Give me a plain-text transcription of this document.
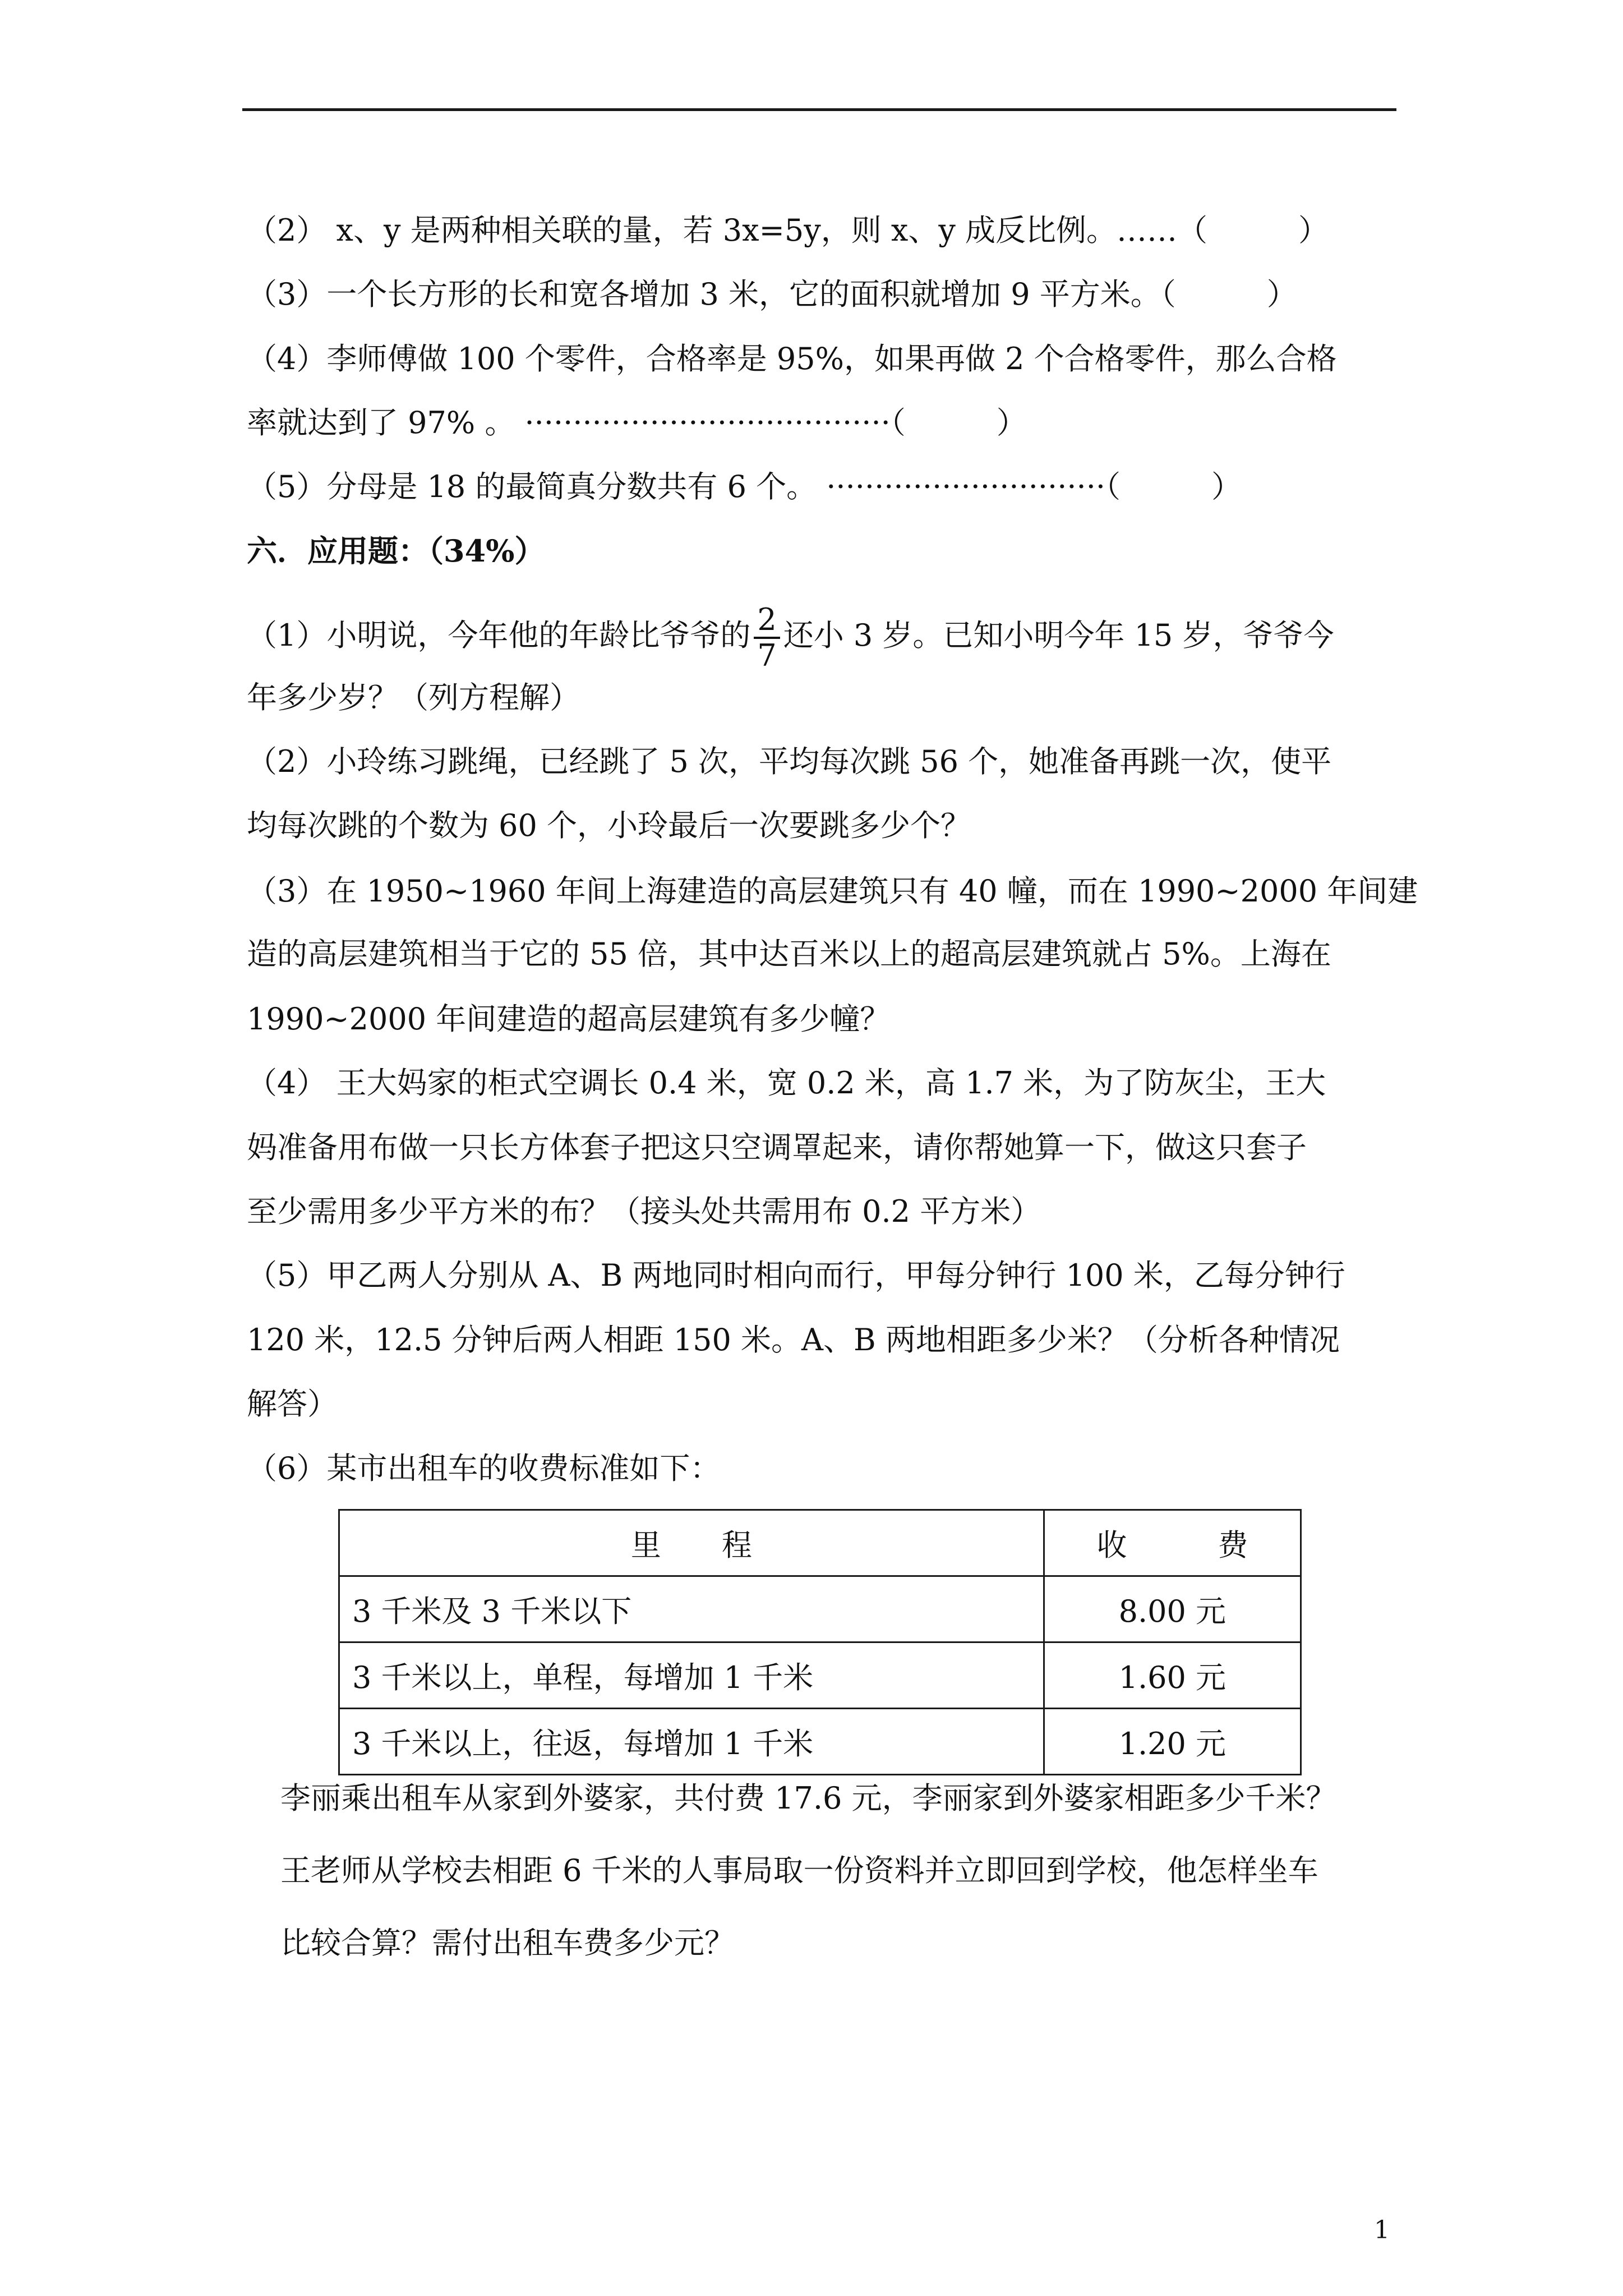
（2） x、y 是两种相关联的量，若 3x=5y，则 x、y 成反比例。……（　　　）
（3）一个长方形的长和宽各增加 3 米，它的面积就增加 9 平方米。（　　　）
（4）李师傅做 100 个零件，合格率是 95%，如果再做 2 个合格零件，那么合格
率就达到了 97% 。 ······································（　　　）
（5）分母是 18 的最简真分数共有 6 个。 ·····························（　　　）
六．应用题：（34%）
（1）小明说，今年他的年龄比爷爷的 $\frac{2}{7}$ 还小 3 岁。已知小明今年 15 岁，爷爷今
年多少岁？（列方程解）
（2）小玲练习跳绳，已经跳了 5 次，平均每次跳 56 个，她准备再跳一次，使平
均每次跳的个数为 60 个，小玲最后一次要跳多少个？
（3）在 1950~1960 年间上海建造的高层建筑只有 40 幢，而在 1990~2000 年间建
造的高层建筑相当于它的 55 倍，其中达百米以上的超高层建筑就占 5%。上海在
1990~2000 年间建造的超高层建筑有多少幢？
（4） 王大妈家的柜式空调长 0.4 米，宽 0.2 米，高 1.7 米，为了防灰尘，王大
妈准备用布做一只长方体套子把这只空调罩起来，请你帮她算一下，做这只套子
至少需用多少平方米的布？（接头处共需用布 0.2 平方米）
（5）甲乙两人分别从 A、B 两地同时相向而行，甲每分钟行 100 米，乙每分钟行
120 米，12.5 分钟后两人相距 150 米。A、B 两地相距多少米？（分析各种情况
解答）
（6）某市出租车的收费标准如下：
里　　程	收　　　费
3 千米及 3 千米以下	8.00 元
3 千米以上，单程，每增加 1 千米	1.60 元
3 千米以上，往返，每增加 1 千米	1.20 元
李丽乘出租车从家到外婆家，共付费 17.6 元，李丽家到外婆家相距多少千米？
王老师从学校去相距 6 千米的人事局取一份资料并立即回到学校，他怎样坐车
比较合算？需付出租车费多少元？
1
